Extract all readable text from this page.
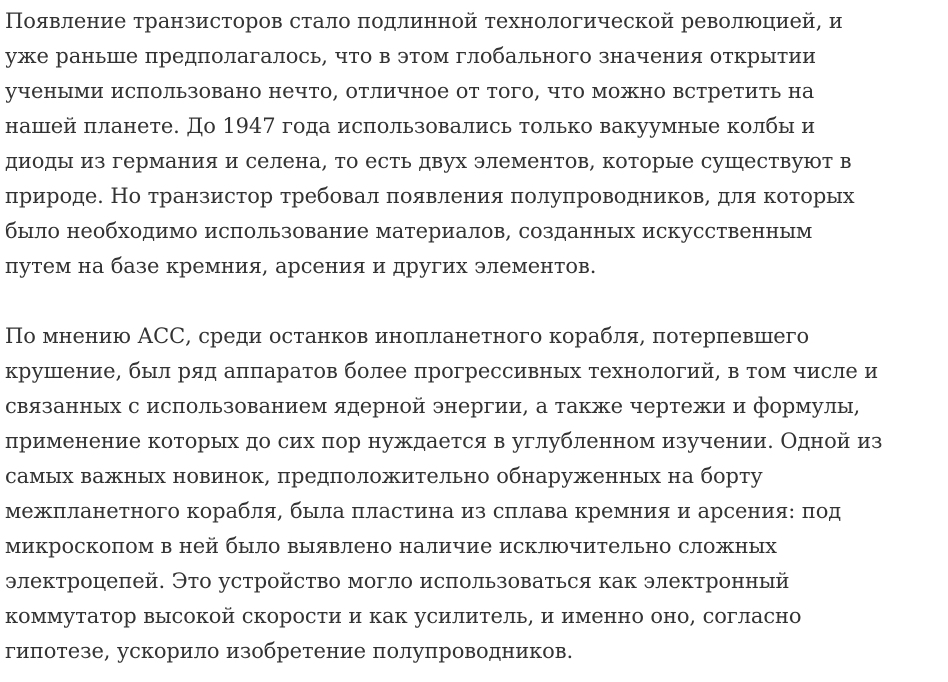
Появление транзисторов стало подлинной технологической революцией, и
уже раньше предполагалось, что в этом глобального значения открытии
учеными использовано нечто, отличное от того, что можно встретить на
нашей планете. До 1947 года использовались только вакуумные колбы и
диоды из германия и селена, то есть двух элементов, которые существуют в
природе. Но транзистор требовал появления полупроводников, для которых
было необходимо использование материалов, созданных искусственным
путем на базе кремния, арсения и других элементов.

По мнению АСС, среди останков инопланетного корабля, потерпевшего
крушение, был ряд аппаратов более прогрессивных технологий, в том числе и
связанных с использованием ядерной энергии, а также чертежи и формулы,
применение которых до сих пор нуждается в углубленном изучении. Одной из
самых важных новинок, предположительно обнаруженных на борту
межпланетного корабля, была пластина из сплава кремния и арсения: под
микроскопом в ней было выявлено наличие исключительно сложных
электроцепей. Это устройство могло использоваться как электронный
коммутатор высокой скорости и как усилитель, и именно оно, согласно
гипотезе, ускорило изобретение полупроводников.
